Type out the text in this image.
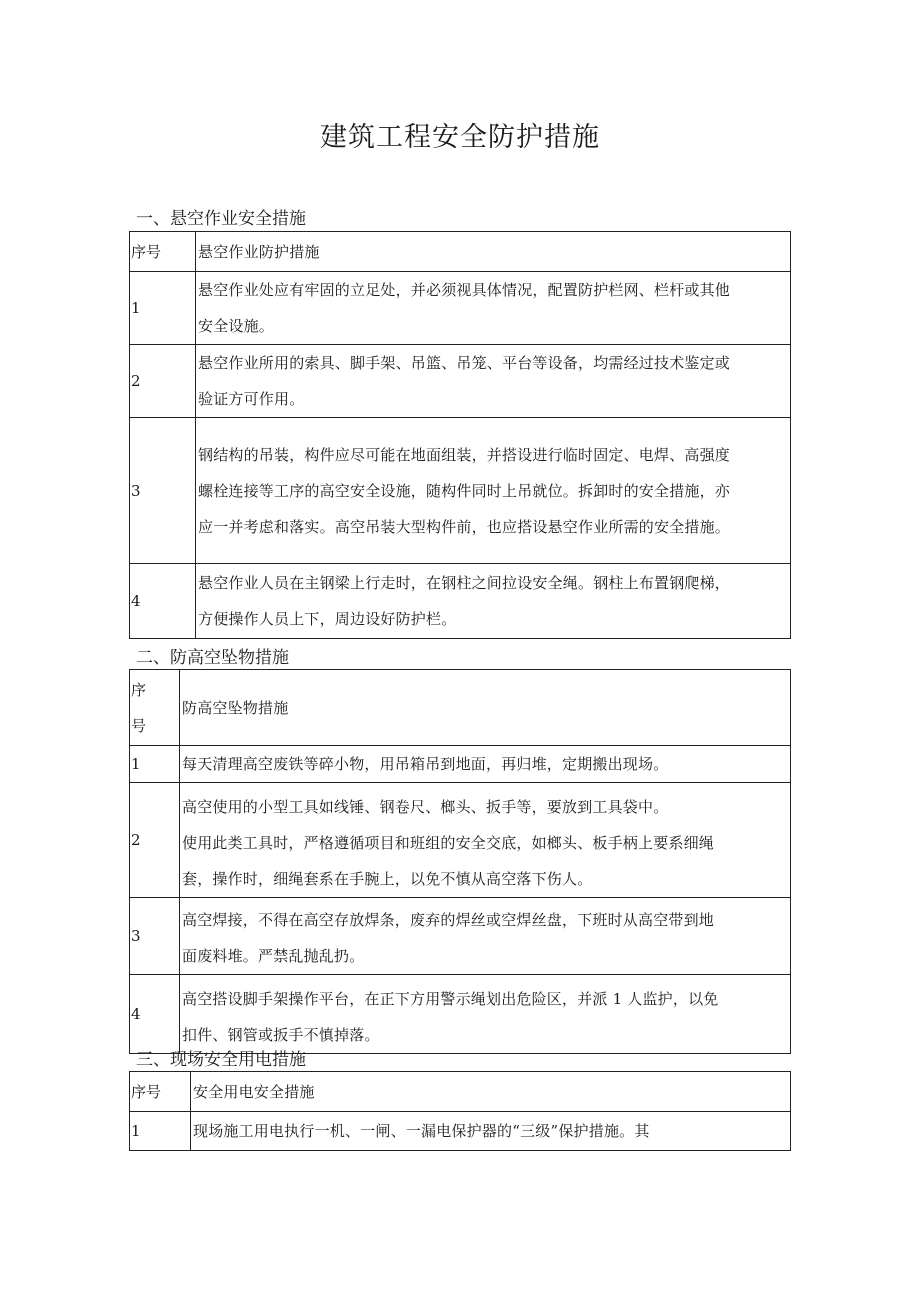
建筑工程安全防护措施
一、悬空作业安全措施
序号	悬空作业防护措施
1	悬空作业处应有牢固的立足处，并必须视具体情况，配置防护栏网、栏杆或其他
安全设施。

2	悬空作业所用的索具、脚手架、吊篮、吊笼、平台等设备，均需经过技术鉴定或
验证方可作用。

3	钢结构的吊装，构件应尽可能在地面组装，并搭设进行临时固定、电焊、高强度
螺栓连接等工序的高空安全设施，随构件同时上吊就位。拆卸时的安全措施，亦
应一并考虑和落实。高空吊装大型构件前，也应搭设悬空作业所需的安全措施。

4	悬空作业人员在主钢梁上行走时，在钢柱之间拉设安全绳。钢柱上布置钢爬梯，
方便操作人员上下，周边设好防护栏。
二、防高空坠物措施
序
号	防高空坠物措施
1	每天清理高空废铁等碎小物，用吊箱吊到地面，再归堆，定期搬出现场。

2	高空使用的小型工具如线锤、钢卷尺、榔头、扳手等，要放到工具袋中。
使用此类工具时，严格遵循项目和班组的安全交底，如榔头、板手柄上要系细绳
套，操作时，细绳套系在手腕上，以免不慎从高空落下伤人。

3	高空焊接，不得在高空存放焊条，废弃的焊丝或空焊丝盘，下班时从高空带到地
面废料堆。严禁乱抛乱扔。

4	高空搭设脚手架操作平台，在正下方用警示绳划出危险区，并派 1 人监护，以免
扣件、钢管或扳手不慎掉落。
三、现场安全用电措施
序号	安全用电安全措施
1	现场施工用电执行一机、一闸、一漏电保护器的“三级”保护措施。其
